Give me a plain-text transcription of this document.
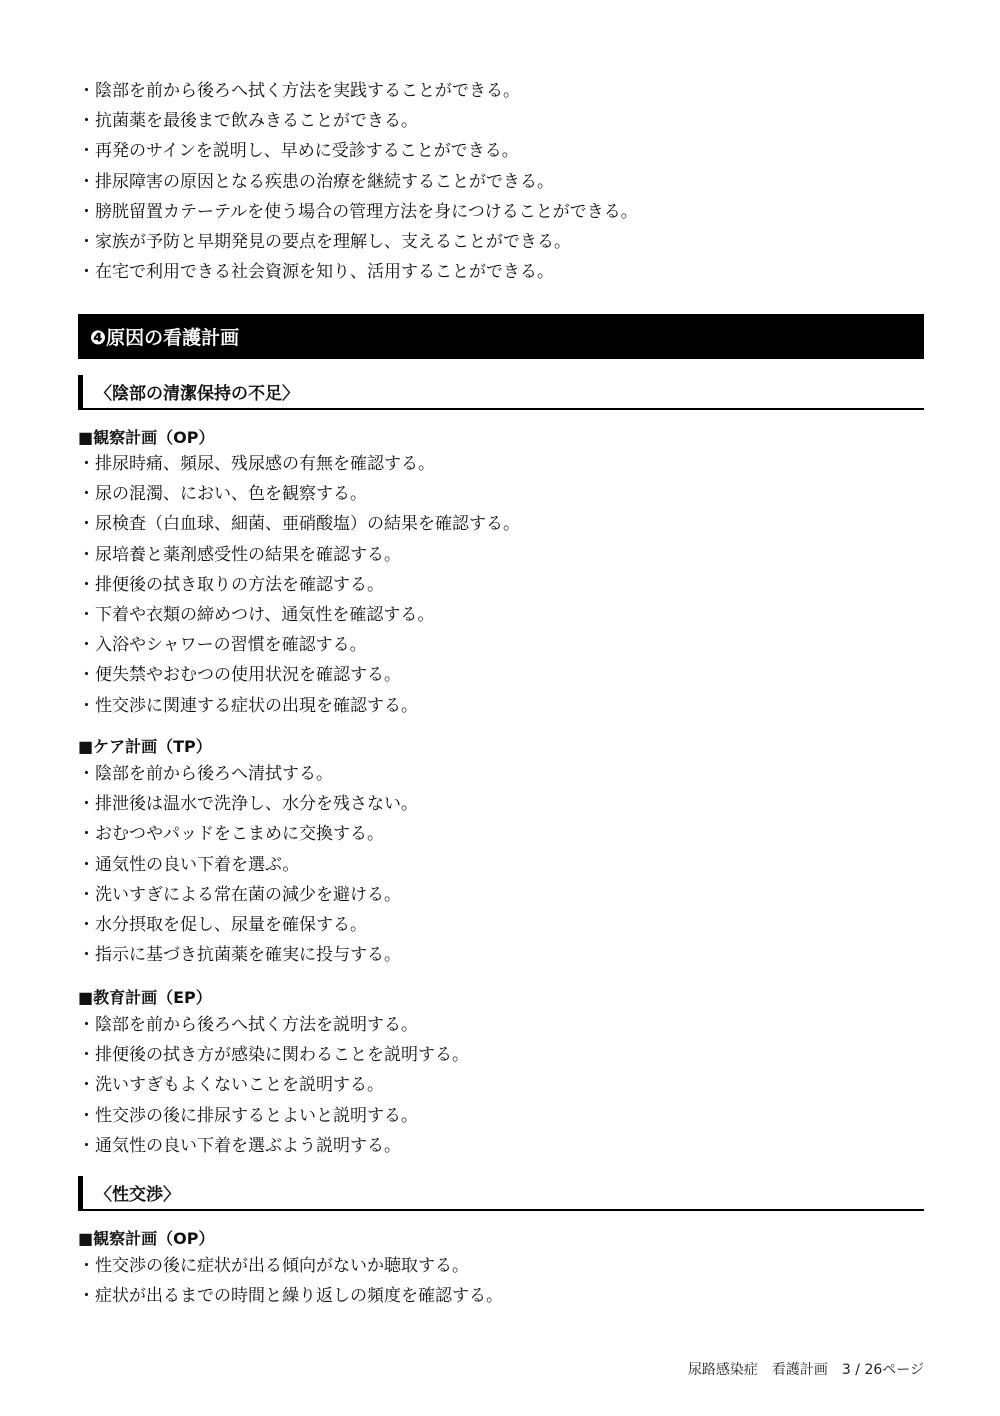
・ 陰部を前から後ろへ拭く方法を実践することができる。
・ 抗菌薬を最後まで飲みきることができる。
・ 再発のサインを説明し、早めに受診することができる。
・ 排尿障害の原因となる疾患の治療を継続することができる。
・ 膀胱留置カテーテルを使う場合の管理方法を身につけることができる。
・ 家族が予防と早期発見の要点を理解し、支えることができる。
・ 在宅で利用できる社会資源を知り、活用することができる。
❹原因の看護計画
〈陰部の清潔保持の不足〉
■ 観察計画（OP）
・ 排尿時痛、頻尿、残尿感の有無を確認する。
・ 尿の混濁、におい、色を観察する。
・ 尿検査（白血球、細菌、亜硝酸塩）の結果を確認する。
・ 尿培養と薬剤感受性の結果を確認する。
・ 排便後の拭き取りの方法を確認する。
・ 下着や衣類の締めつけ、通気性を確認する。
・ 入浴やシャワーの習慣を確認する。
・ 便失禁やおむつの使用状況を確認する。
・ 性交渉に関連する症状の出現を確認する。
■ ケア計画（TP）
・ 陰部を前から後ろへ清拭する。
・ 排泄後は温水で洗浄し、水分を残さない。
・ おむつやパッドをこまめに交換する。
・ 通気性の良い下着を選ぶ。
・ 洗いすぎによる常在菌の減少を避ける。
・ 水分摂取を促し、尿量を確保する。
・ 指示に基づき抗菌薬を確実に投与する。
■ 教育計画（EP）
・ 陰部を前から後ろへ拭く方法を説明する。
・ 排便後の拭き方が感染に関わることを説明する。
・ 洗いすぎもよくないことを説明する。
・ 性交渉の後に排尿するとよいと説明する。
・ 通気性の良い下着を選ぶよう説明する。
〈性交渉〉
■ 観察計画（OP）
・ 性交渉の後に症状が出る傾向がないか聴取する。
・ 症状が出るまでの時間と繰り返しの頻度を確認する。
尿路感染症　看護計画　3 / 26ページ
